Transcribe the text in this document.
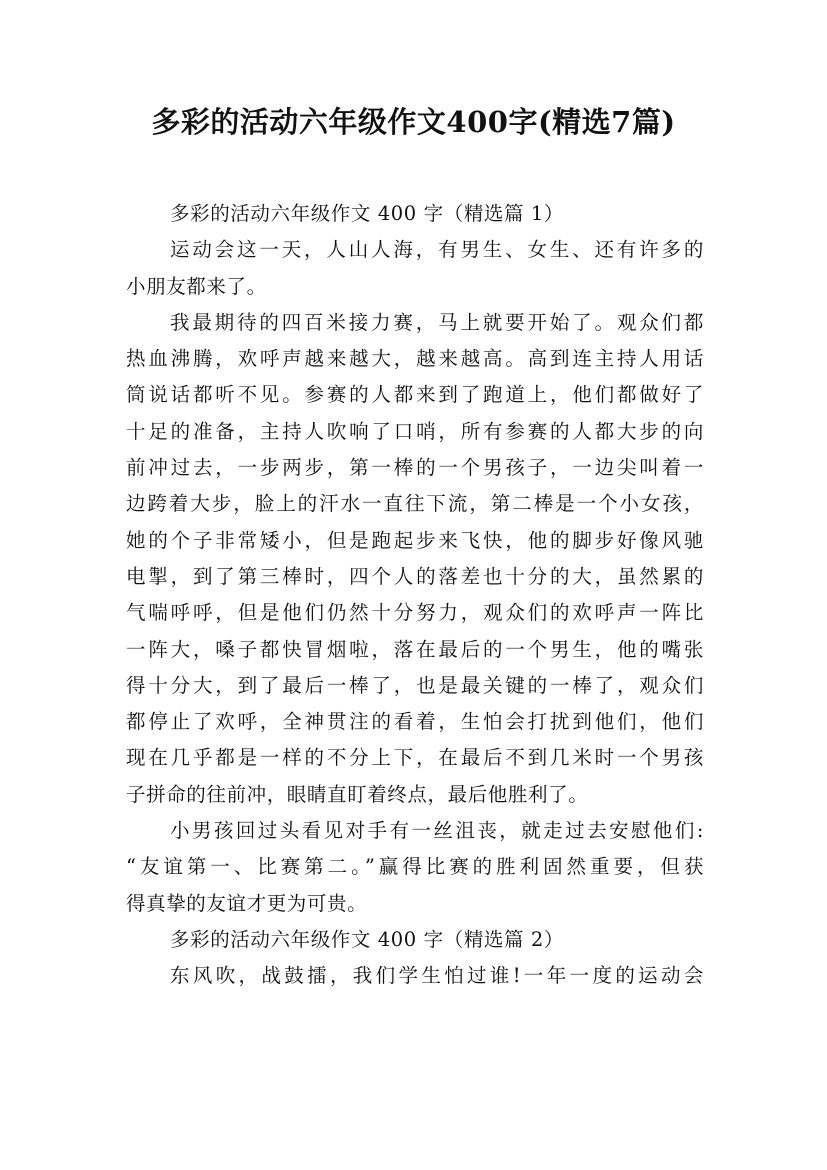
多彩的活动六年级作文400字(精选7篇)
多彩的活动六年级作文 400 字（精选篇 1）
运动会这一天，人山人海，有男生、女生、还有许多的
小朋友都来了。
我最期待的四百米接力赛，马上就要开始了。观众们都
热血沸腾，欢呼声越来越大，越来越高。高到连主持人用话
筒说话都听不见。参赛的人都来到了跑道上，他们都做好了
十足的准备，主持人吹响了口哨，所有参赛的人都大步的向
前冲过去，一步两步，第一棒的一个男孩子，一边尖叫着一
边跨着大步，脸上的汗水一直往下流，第二棒是一个小女孩，
她的个子非常矮小，但是跑起步来飞快，他的脚步好像风驰
电掣，到了第三棒时，四个人的落差也十分的大，虽然累的
气喘呼呼，但是他们仍然十分努力，观众们的欢呼声一阵比
一阵大，嗓子都快冒烟啦，落在最后的一个男生，他的嘴张
得十分大，到了最后一棒了，也是最关键的一棒了，观众们
都停止了欢呼，全神贯注的看着，生怕会打扰到他们，他们
现在几乎都是一样的不分上下，在最后不到几米时一个男孩
子拼命的往前冲，眼睛直盯着终点，最后他胜利了。
小男孩回过头看见对手有一丝沮丧，就走过去安慰他们:
“友谊第一、比赛第二。”赢得比赛的胜利固然重要，但获
得真挚的友谊才更为可贵。
多彩的活动六年级作文 400 字（精选篇 2）
东风吹，战鼓擂，我们学生怕过谁!一年一度的运动会
